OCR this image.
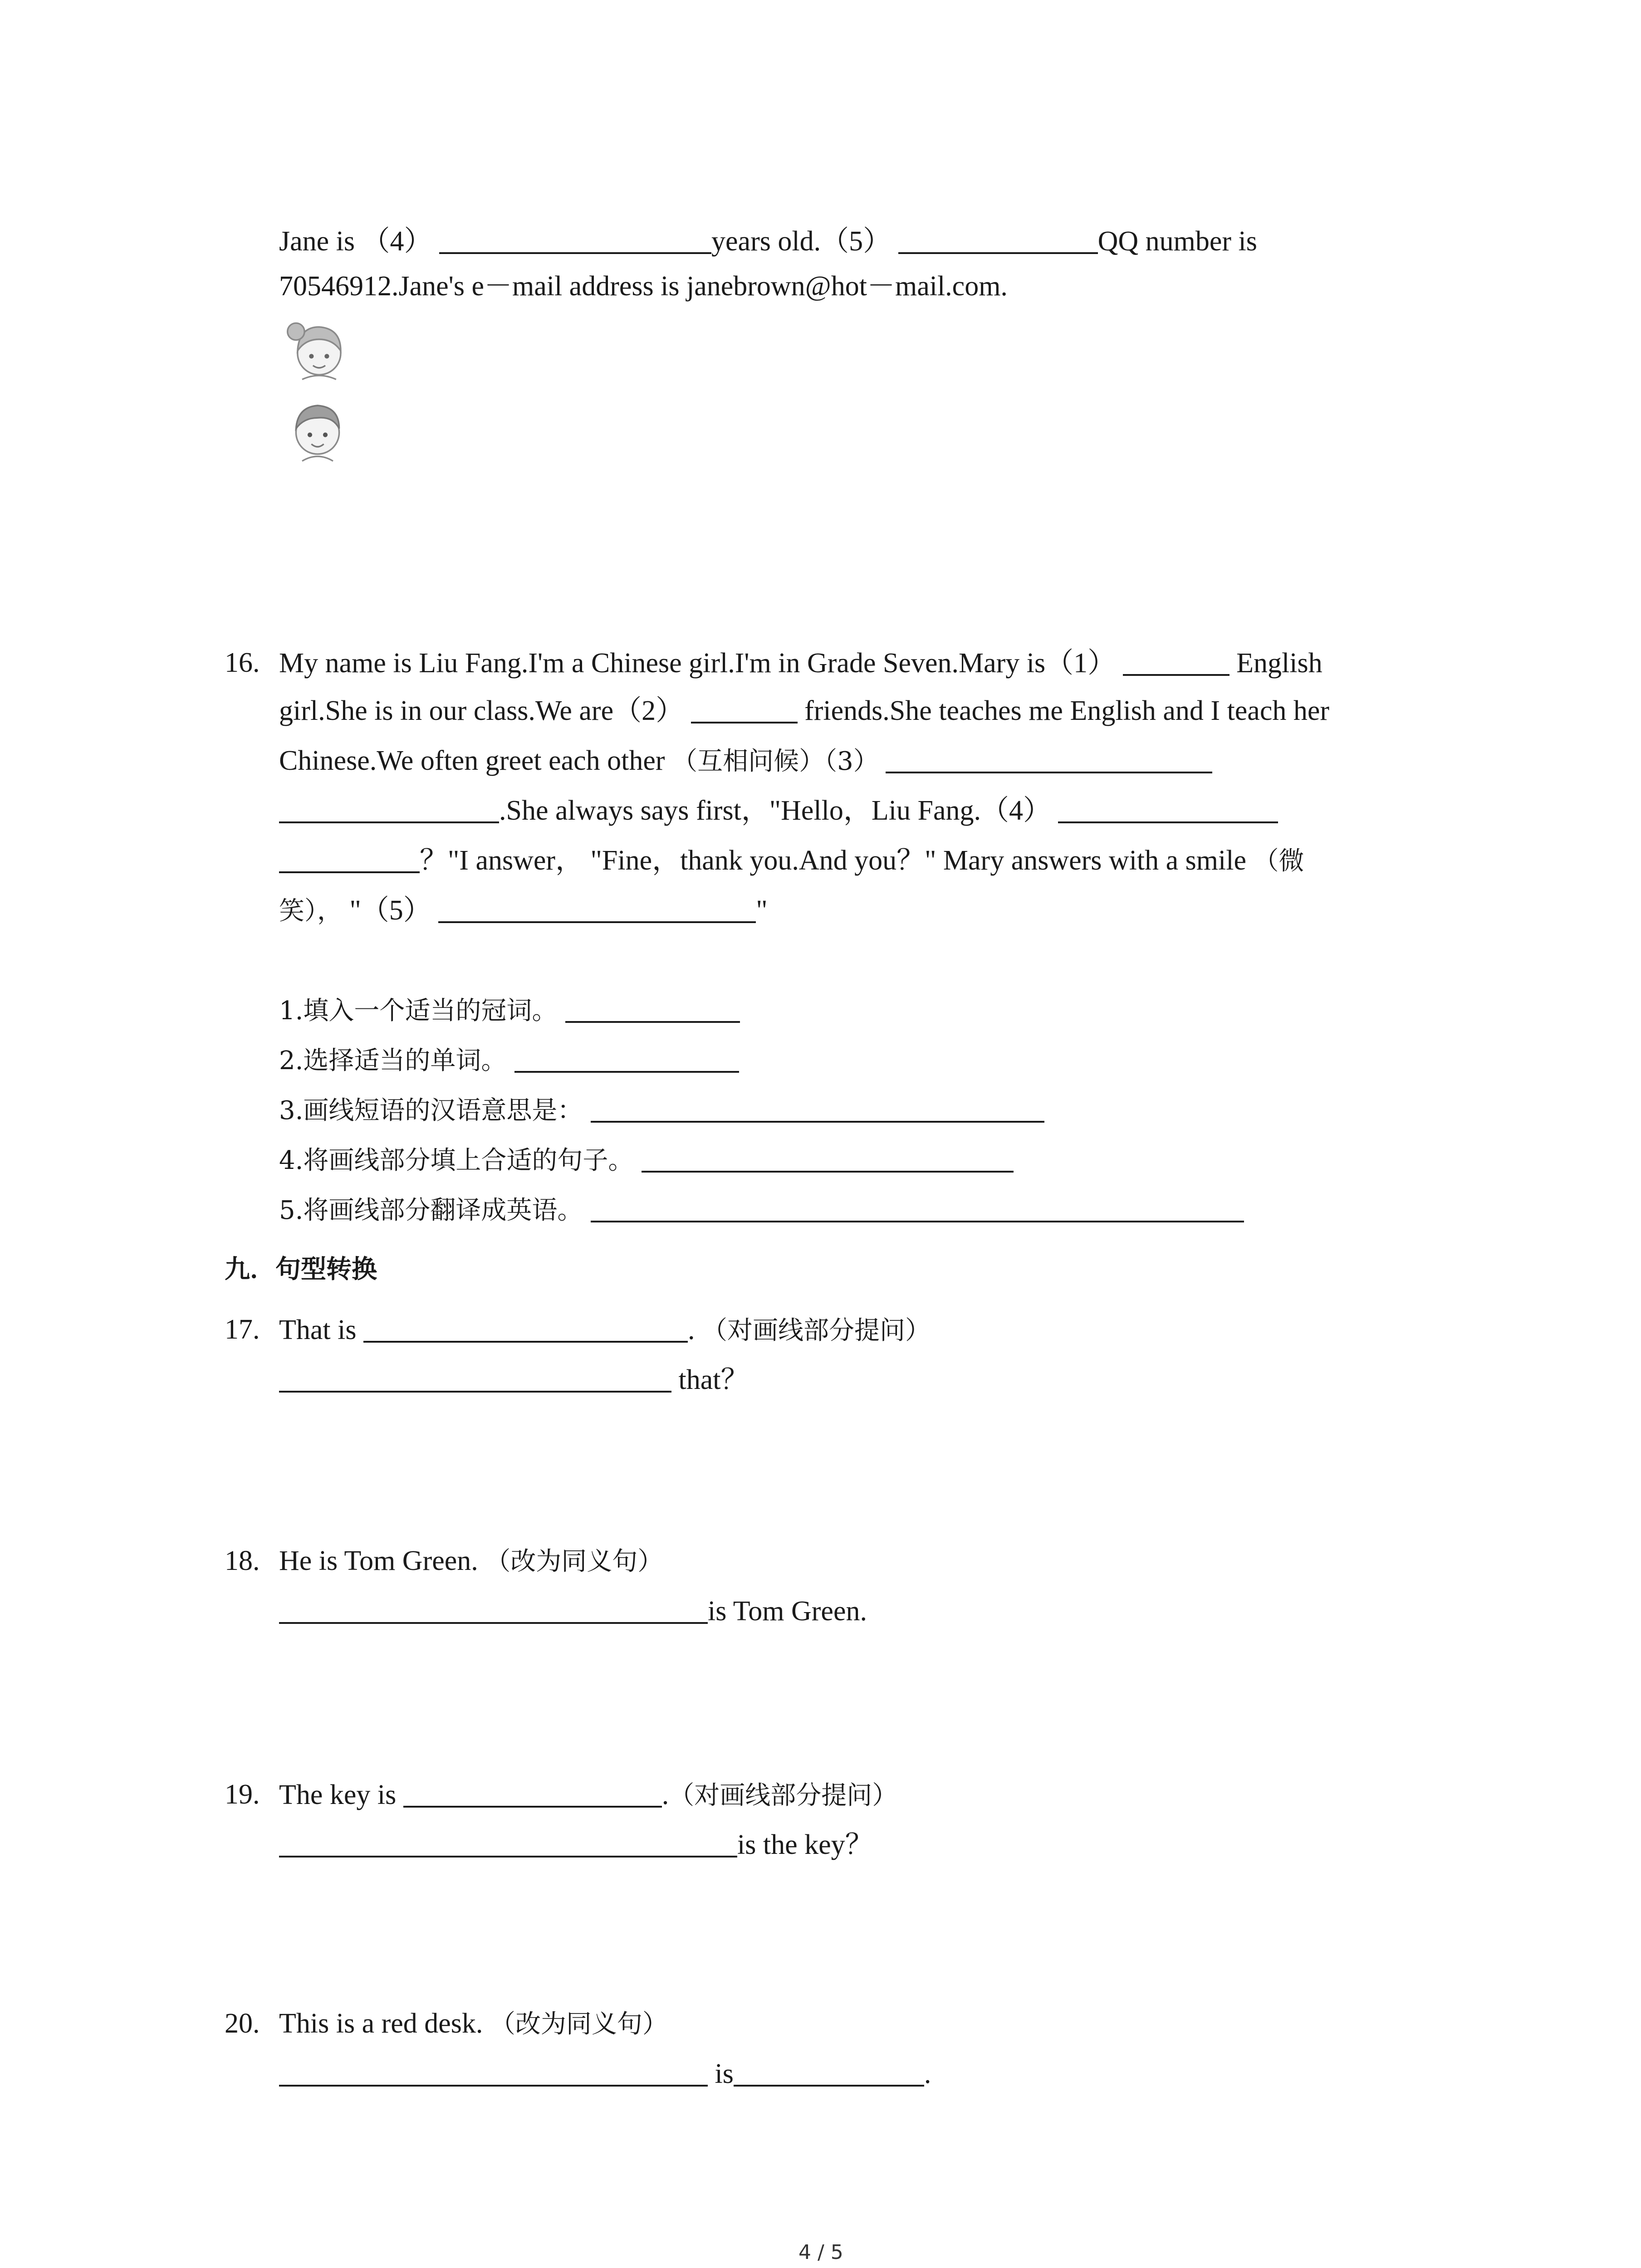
Jane is （4）	years old.（5）	QQ number is
70546912.Jane's e－mail address is janebrown@hot－mail.com.
16. My name is Liu Fang.I'm a Chinese girl.I'm in Grade Seven.Mary is（1）	English
girl.She is in our class.We are（2）	friends.She teaches me English and I teach her
Chinese.We often greet each other （互相问候）（3）
.She always says first，"Hello，Liu Fang.（4）
？"I answer， "Fine，thank you.And you？" Mary answers with a smile （微
笑）， "（5）	"
1.填入一个适当的冠词。
2.选择适当的单词。
3.画线短语的汉语意思是：
4.将画线部分填上合适的句子。
5.将画线部分翻译成英语。
九．句型转换
17. That is	. （对画线部分提问）
that？
18. He is Tom Green. （改为同义句）
is Tom Green.
19. The key is	.（对画线部分提问）
is the key？
20. This is a red desk. （改为同义句）
is	.
4 / 5
